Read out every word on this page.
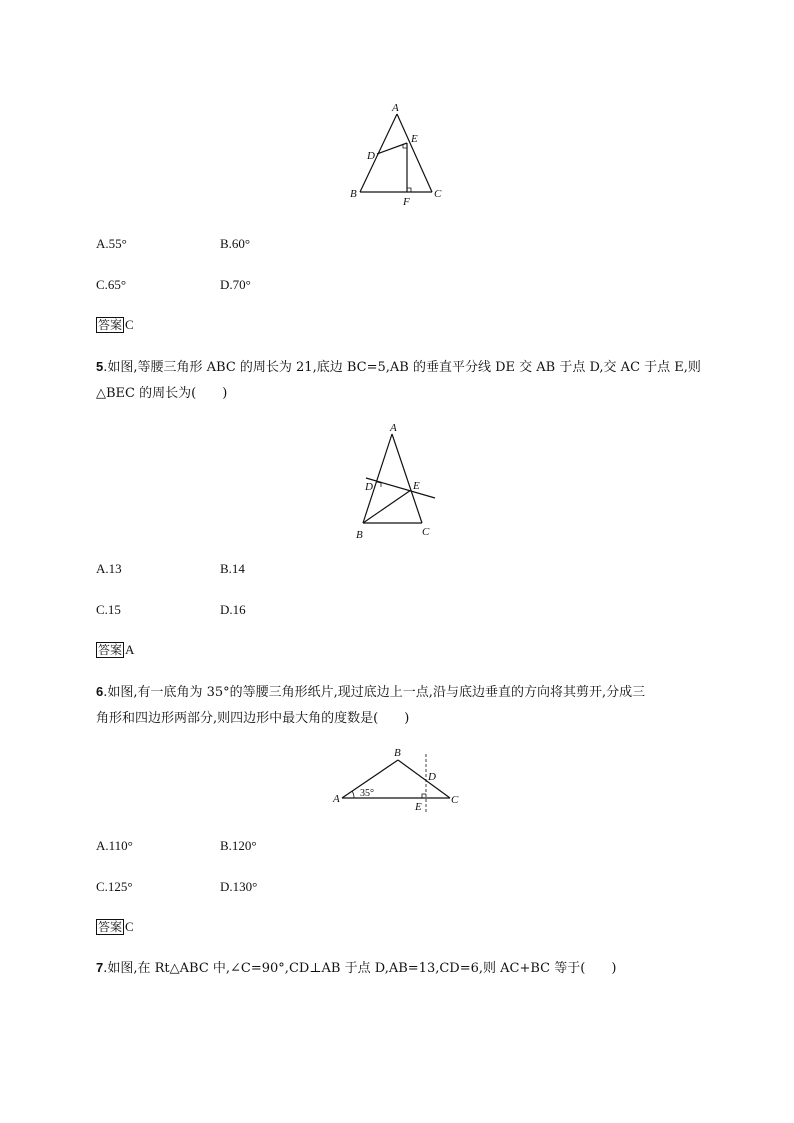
A
B	C
D
E
F
A.55°	B.60°
C.65°	D.70°
答案 C
5.如图,等腰三角形 ABC 的周长为 21,底边 BC=5,AB 的垂直平分线 DE 交 AB 于点 D,交 AC 于点 E,则
△BEC 的周长为(　　)
A
B	C
D	E
A.13	B.14
C.15	D.16
答案 A
6.如图,有一底角为 35°的等腰三角形纸片,现过底边上一点,沿与底边垂直的方向将其剪开,分成三
角形和四边形两部分,则四边形中最大角的度数是(　　)
A
B
C
D
E
35°
A.110°	B.120°
C.125°	D.130°
答案 C
7.如图,在 Rt△ABC 中,∠C=90°,CD⊥AB 于点 D,AB=13,CD=6,则 AC+BC 等于(　　)
